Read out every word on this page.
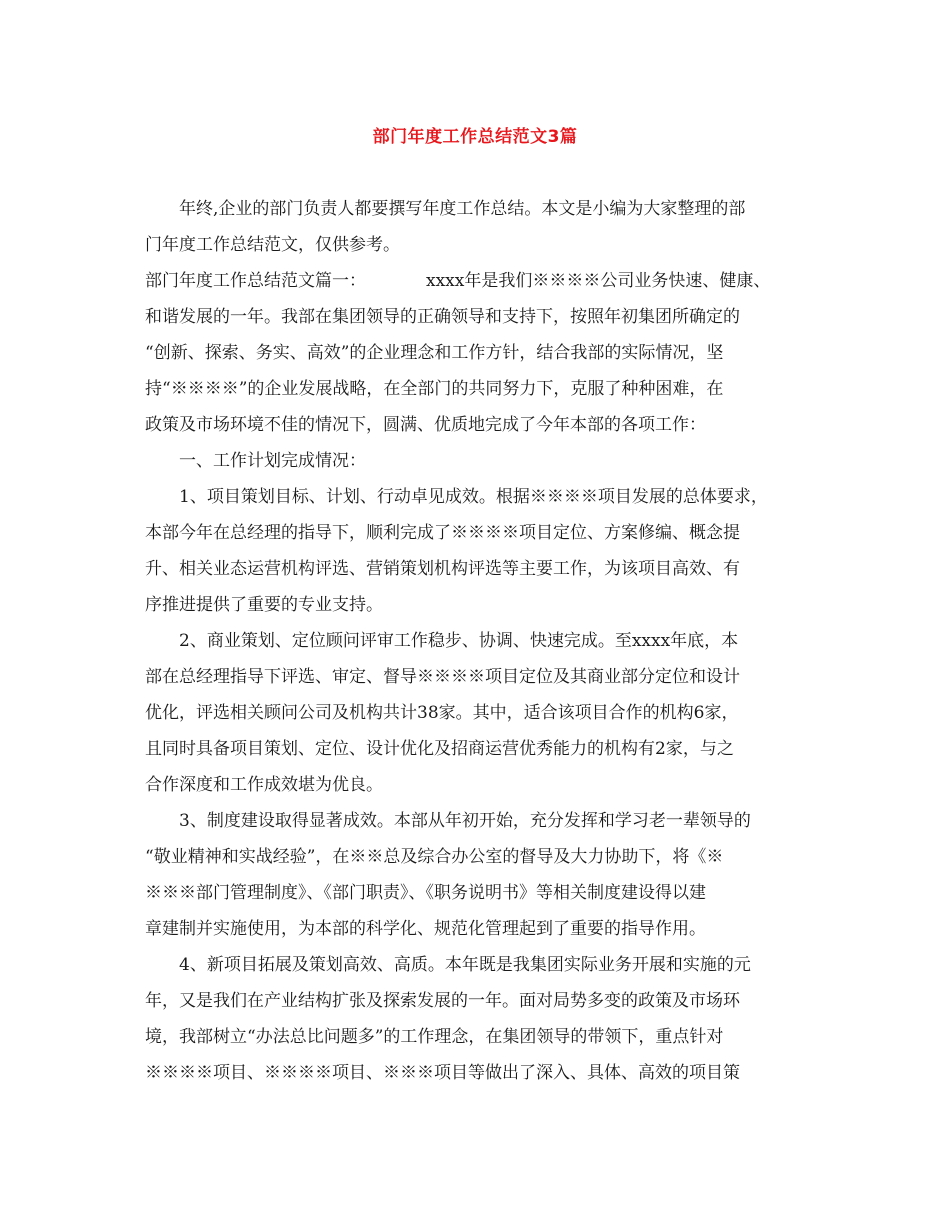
部门年度工作总结范文3篇
年终,企业的部门负责人都要撰写年度工作总结。本文是小编为大家整理的部
门年度工作总结范文，仅供参考。
部门年度工作总结范文篇一：	xxxx年是我们※※※※公司业务快速、健康、
和谐发展的一年。我部在集团领导的正确领导和支持下，按照年初集团所确定的
“创新、探索、务实、高效”的企业理念和工作方针，结合我部的实际情况，坚
持“※※※※”的企业发展战略，在全部门的共同努力下，克服了种种困难，在
政策及市场环境不佳的情况下，圆满、优质地完成了今年本部的各项工作：
一、工作计划完成情况：
1、项目策划目标、计划、行动卓见成效。根据※※※※项目发展的总体要求，
本部今年在总经理的指导下，顺利完成了※※※※项目定位、方案修编、概念提
升、相关业态运营机构评选、营销策划机构评选等主要工作，为该项目高效、有
序推进提供了重要的专业支持。
2、商业策划、定位顾问评审工作稳步、协调、快速完成。至xxxx年底，本
部在总经理指导下评选、审定、督导※※※※项目定位及其商业部分定位和设计
优化，评选相关顾问公司及机构共计38家。其中，适合该项目合作的机构6家，
且同时具备项目策划、定位、设计优化及招商运营优秀能力的机构有2家，与之
合作深度和工作成效堪为优良。
3、制度建设取得显著成效。本部从年初开始，充分发挥和学习老一辈领导的
“敬业精神和实战经验”，在※※总及综合办公室的督导及大力协助下，将《※
※※※部门管理制度》、《部门职责》、《职务说明书》等相关制度建设得以建
章建制并实施使用，为本部的科学化、规范化管理起到了重要的指导作用。
4、新项目拓展及策划高效、高质。本年既是我集团实际业务开展和实施的元
年，又是我们在产业结构扩张及探索发展的一年。面对局势多变的政策及市场环
境，我部树立“办法总比问题多”的工作理念，在集团领导的带领下，重点针对
※※※※项目、※※※※项目、※※※项目等做出了深入、具体、高效的项目策
